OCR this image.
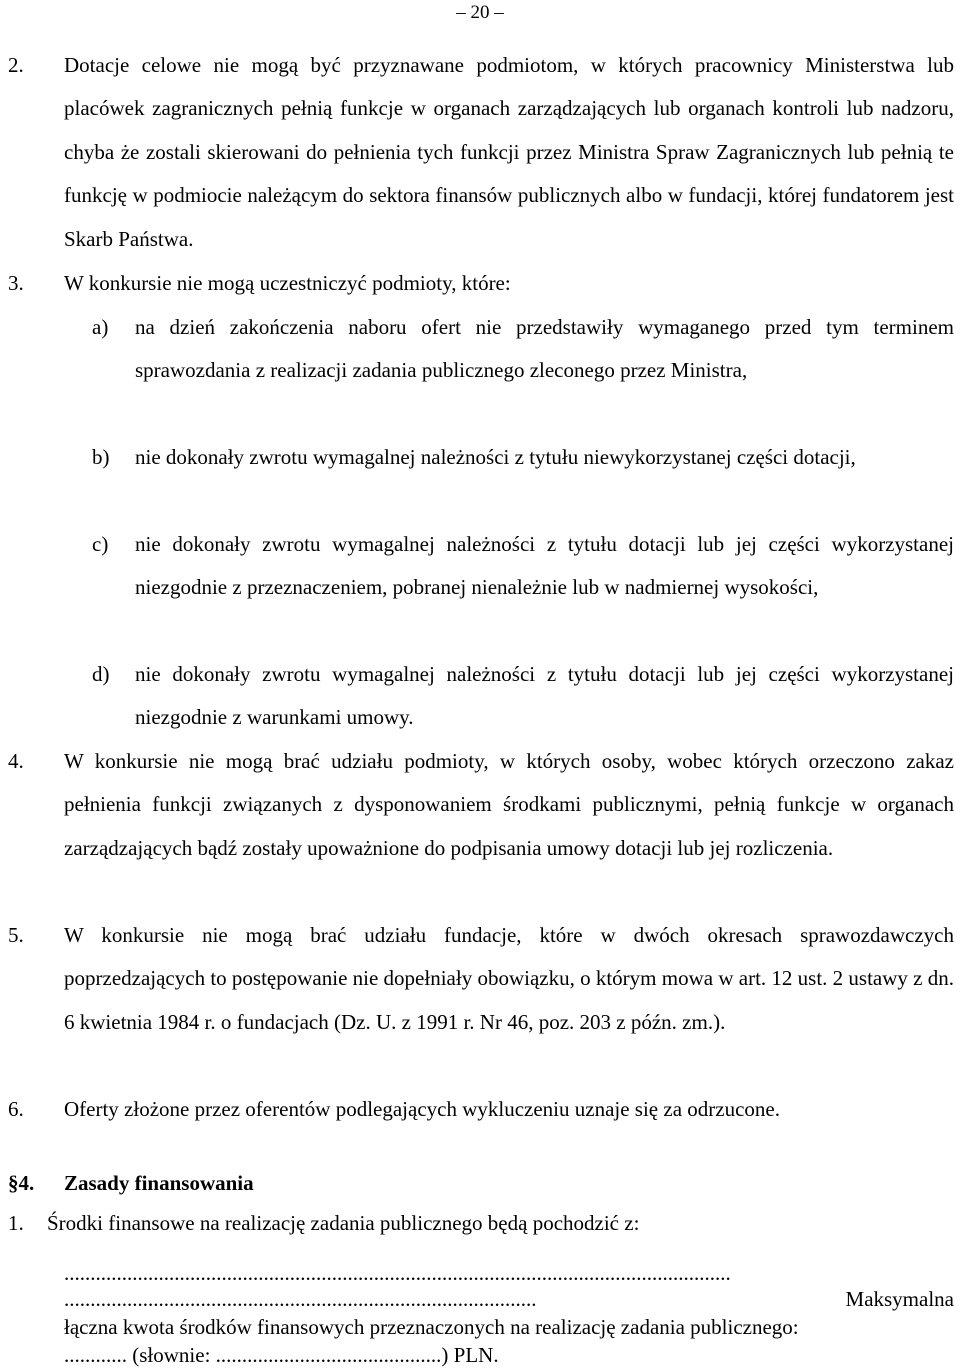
– 20 –
2. Dotacje celowe nie mogą być przyznawane podmiotom, w których pracownicy Ministerstwa lub placówek zagranicznych pełnią funkcje w organach zarządzających lub organach kontroli lub nadzoru, chyba że zostali skierowani do pełnienia tych funkcji przez Ministra Spraw Zagranicznych lub pełnią te funkcję w podmiocie należącym do sektora finansów publicznych albo w fundacji, której fundatorem jest Skarb Państwa.
3. W konkursie nie mogą uczestniczyć podmioty, które:
a) na dzień zakończenia naboru ofert nie przedstawiły wymaganego przed tym terminem sprawozdania z realizacji zadania publicznego zleconego przez Ministra,
b) nie dokonały zwrotu wymagalnej należności z tytułu niewykorzystanej części dotacji,
c) nie dokonały zwrotu wymagalnej należności z tytułu dotacji lub jej części wykorzystanej niezgodnie z przeznaczeniem, pobranej nienależnie lub w nadmiernej wysokości,
d) nie dokonały zwrotu wymagalnej należności z tytułu dotacji lub jej części wykorzystanej niezgodnie z warunkami umowy.
4. W konkursie nie mogą brać udziału podmioty, w których osoby, wobec których orzeczono zakaz pełnienia funkcji związanych z dysponowaniem środkami publicznymi, pełnią funkcje w organach zarządzających bądź zostały upoważnione do podpisania umowy dotacji lub jej rozliczenia.
5. W konkursie nie mogą brać udziału fundacje, które w dwóch okresach sprawozdawczych poprzedzających to postępowanie nie dopełniały obowiązku, o którym mowa w art. 12 ust. 2 ustawy z dn. 6 kwietnia 1984 r. o fundacjach (Dz. U. z 1991 r. Nr 46, poz. 203 z późn. zm.).
6. Oferty złożone przez oferentów podlegających wykluczeniu uznaje się za odrzucone.
§4. Zasady finansowania
1. Środki finansowe na realizację zadania publicznego będą pochodzić z:
...............................................................................................................................
..........................................................................................	Maksymalna
łączna kwota środków finansowych przeznaczonych na realizację zadania publicznego:
............ (słownie: ...........................................) PLN.
